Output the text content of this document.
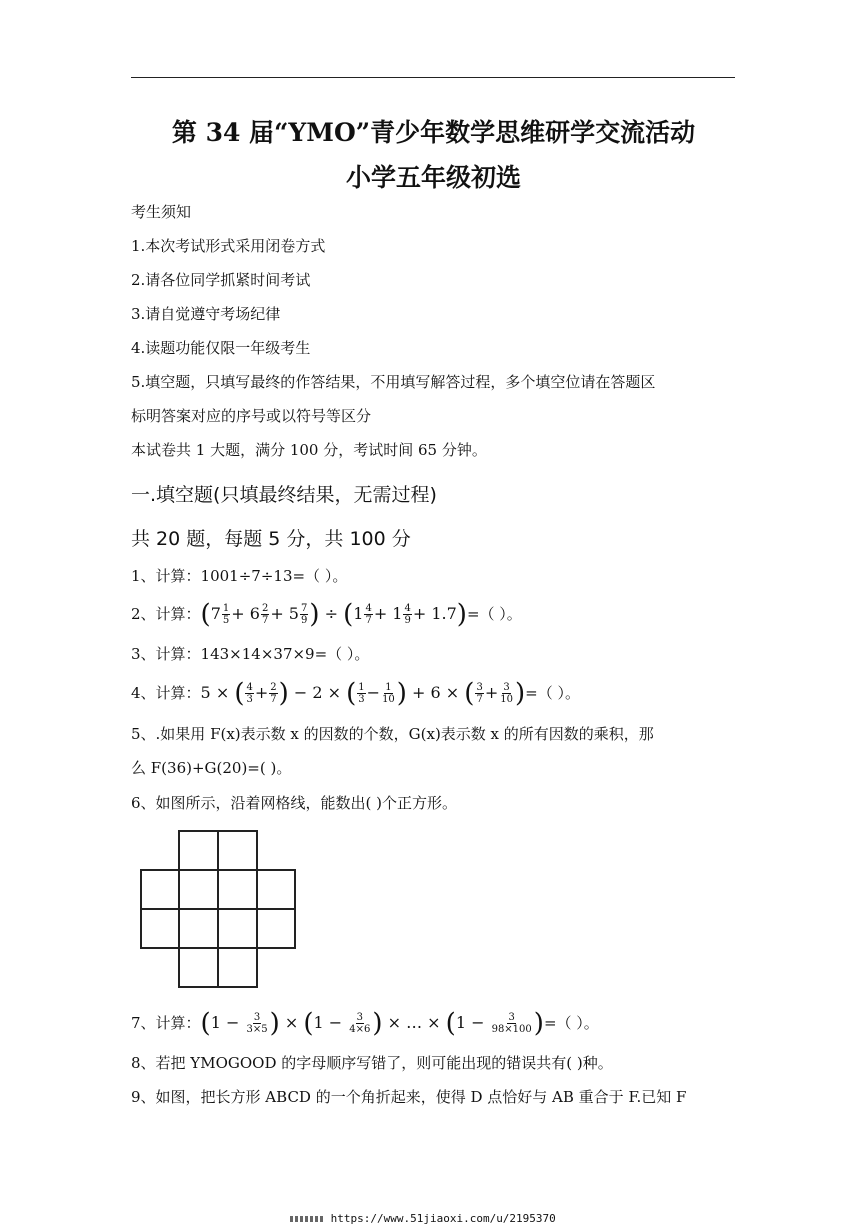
第 34 届“YMO”青少年数学思维研学交流活动
小学五年级初选
考生须知
1.本次考试形式采用闭卷方式
2.请各位同学抓紧时间考试
3.请自觉遵守考场纪律
4.读题功能仅限一年级考生
5.填空题，只填写最终的作答结果，不用填写解答过程，多个填空位请在答题区
标明答案对应的序号或以符号等区分
本试卷共 1 大题，满分 100 分，考试时间 65 分钟。
一.填空题(只填最终结果，无需过程)
共 20 题，每题 5 分，共 100 分
1、计算：1001÷7÷13=（ ）。
2、计算：($7 \frac{1}{5} + 6 \frac{2}{7} + 5 \frac{7}{9}$ ) ÷ $(1 \frac{4}{7} + 1 \frac{4}{9} + 1.7)=$（ ）。
3、计算：143×14×37×9=（ ）。
4、计算：5 × ( $\frac{4}{3} + \frac{2}{7}$ ) − 2 × ( $\frac{1}{3} - \frac{1}{10}$ ) + 6 × ( $\frac{3}{7} + \frac{3}{10}$ )=（ ）。
5、.如果用 F(x)表示数 x 的因数的个数，G(x)表示数 x 的所有因数的乘积，那
么 F(36)+G(20)=( )。
6、如图所示，沿着网格线，能数出( )个正方形。
7、计算：($1 - \frac{3}{3\times 5}$ ) × ($1 - \frac{3}{4\times 6}$ ) × … × ($1 - \frac{3}{98\times 100}$ )=（ ）。
8、若把 YMOGOOD 的字母顺序写错了，则可能出现的错误共有( )种。
9、如图，把长方形 ABCD 的一个角折起来，使得 D 点恰好与 AB 重合于 F.已知 F
https://www.51jiaoxi.com/u/2195370
